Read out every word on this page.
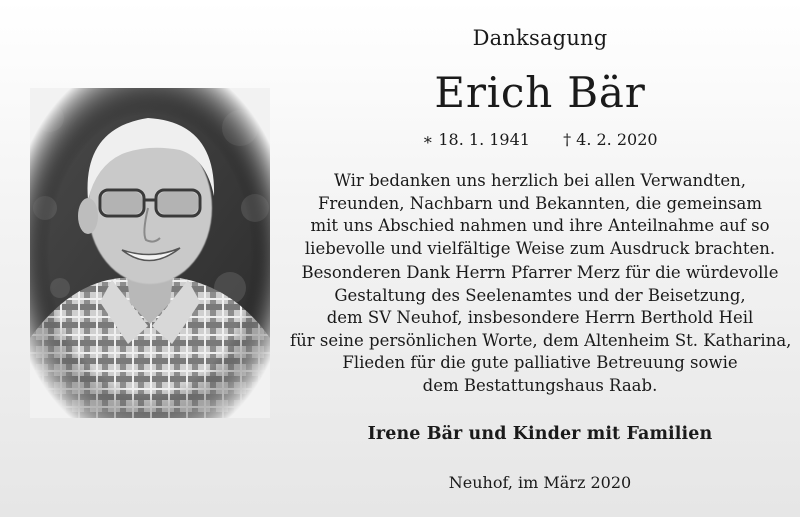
Danksagung
Erich Bär
∗ 18. 1. 1941 † 4. 2. 2020
Wir bedanken uns herzlich bei allen Verwandten,
Freunden, Nachbarn und Bekannten, die gemeinsam
mit uns Abschied nahmen und ihre Anteilnahme auf so
liebevolle und vielfältige Weise zum Ausdruck brachten.
Besonderen Dank Herrn Pfarrer Merz für die würdevolle
Gestaltung des Seelenamtes und der Beisetzung,
dem SV Neuhof, insbesondere Herrn Berthold Heil
für seine persönlichen Worte, dem Altenheim St. Katharina,
Flieden für die gute palliative Betreuung sowie
dem Bestattungshaus Raab.
Irene Bär und Kinder mit Familien
Neuhof, im März 2020
